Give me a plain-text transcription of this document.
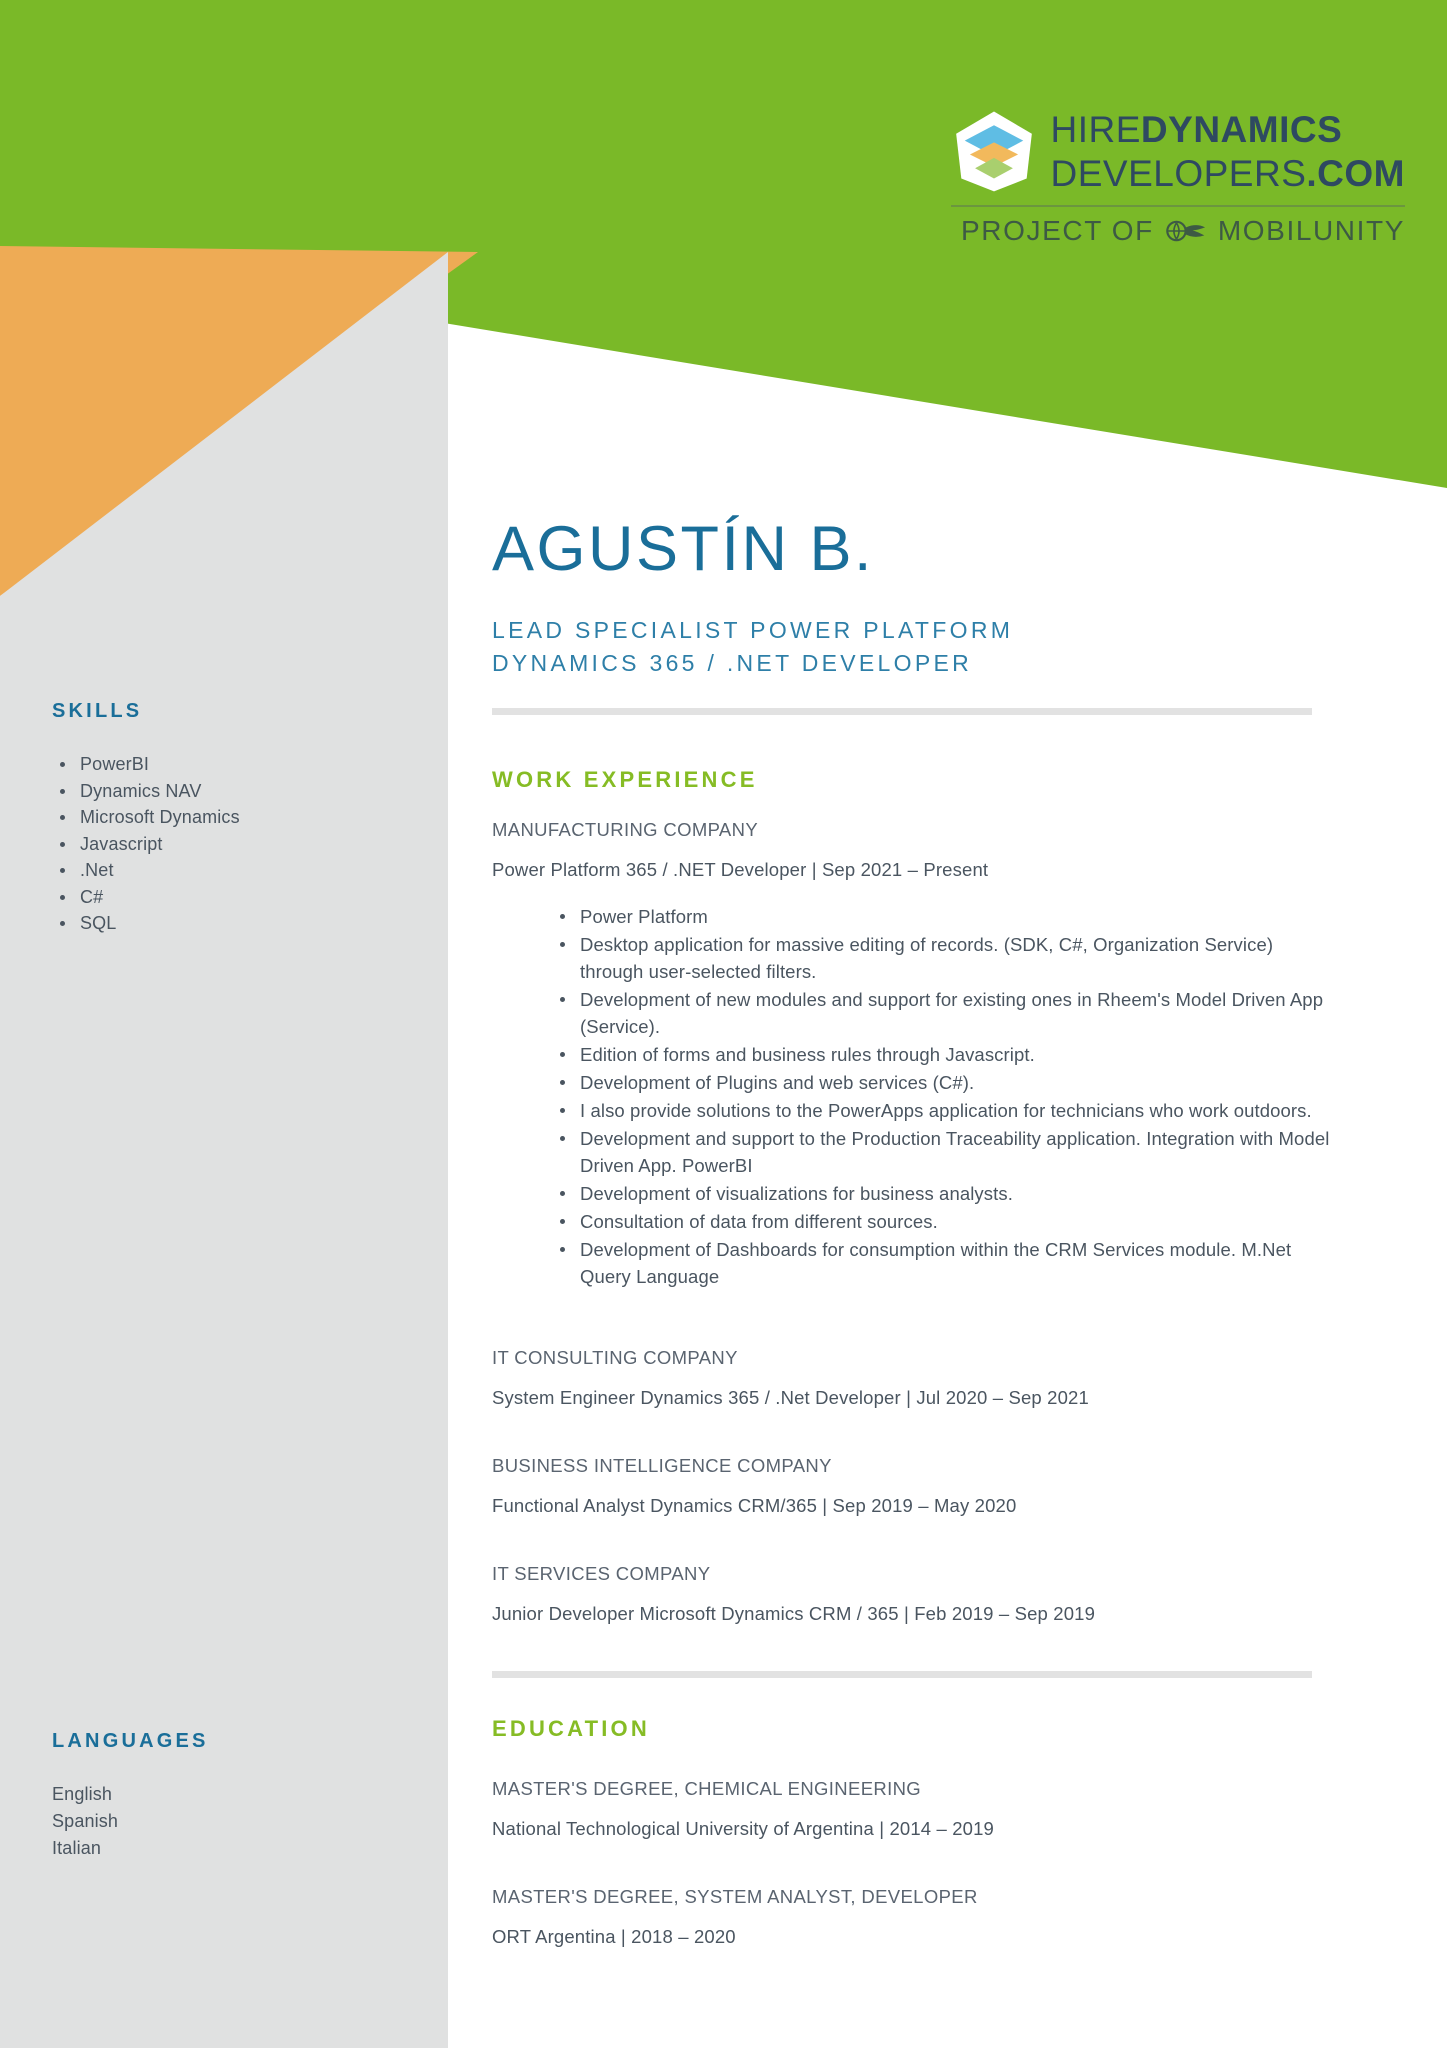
HIREDYNAMICS
DEVELOPERS.COM
PROJECT OF MOBILUNITY
SKILLS
PowerBI
Dynamics NAV
Microsoft Dynamics
Javascript
.Net
C#
SQL
LANGUAGES
English
Spanish
Italian
AGUSTÍN B.
LEAD SPECIALIST POWER PLATFORM
DYNAMICS 365 / .NET DEVELOPER
WORK EXPERIENCE
MANUFACTURING COMPANY
Power Platform 365 / .NET Developer | Sep 2021 – Present
Power Platform
Desktop application for massive editing of records. (SDK, C#, Organization Service) through user-selected filters.
Development of new modules and support for existing ones in Rheem's Model Driven App (Service).
Edition of forms and business rules through Javascript.
Development of Plugins and web services (C#).
I also provide solutions to the PowerApps application for technicians who work outdoors.
Development and support to the Production Traceability application. Integration with Model Driven App. PowerBI
Development of visualizations for business analysts.
Consultation of data from different sources.
Development of Dashboards for consumption within the CRM Services module. M.Net Query Language
IT CONSULTING COMPANY
System Engineer Dynamics 365 / .Net Developer | Jul 2020 – Sep 2021
BUSINESS INTELLIGENCE COMPANY
Functional Analyst Dynamics CRM/365 | Sep 2019 – May 2020
IT SERVICES COMPANY
Junior Developer Microsoft Dynamics CRM / 365 | Feb 2019 – Sep 2019
EDUCATION
MASTER'S DEGREE, CHEMICAL ENGINEERING
National Technological University of Argentina | 2014 – 2019
MASTER'S DEGREE, SYSTEM ANALYST, DEVELOPER
ORT Argentina | 2018 – 2020
